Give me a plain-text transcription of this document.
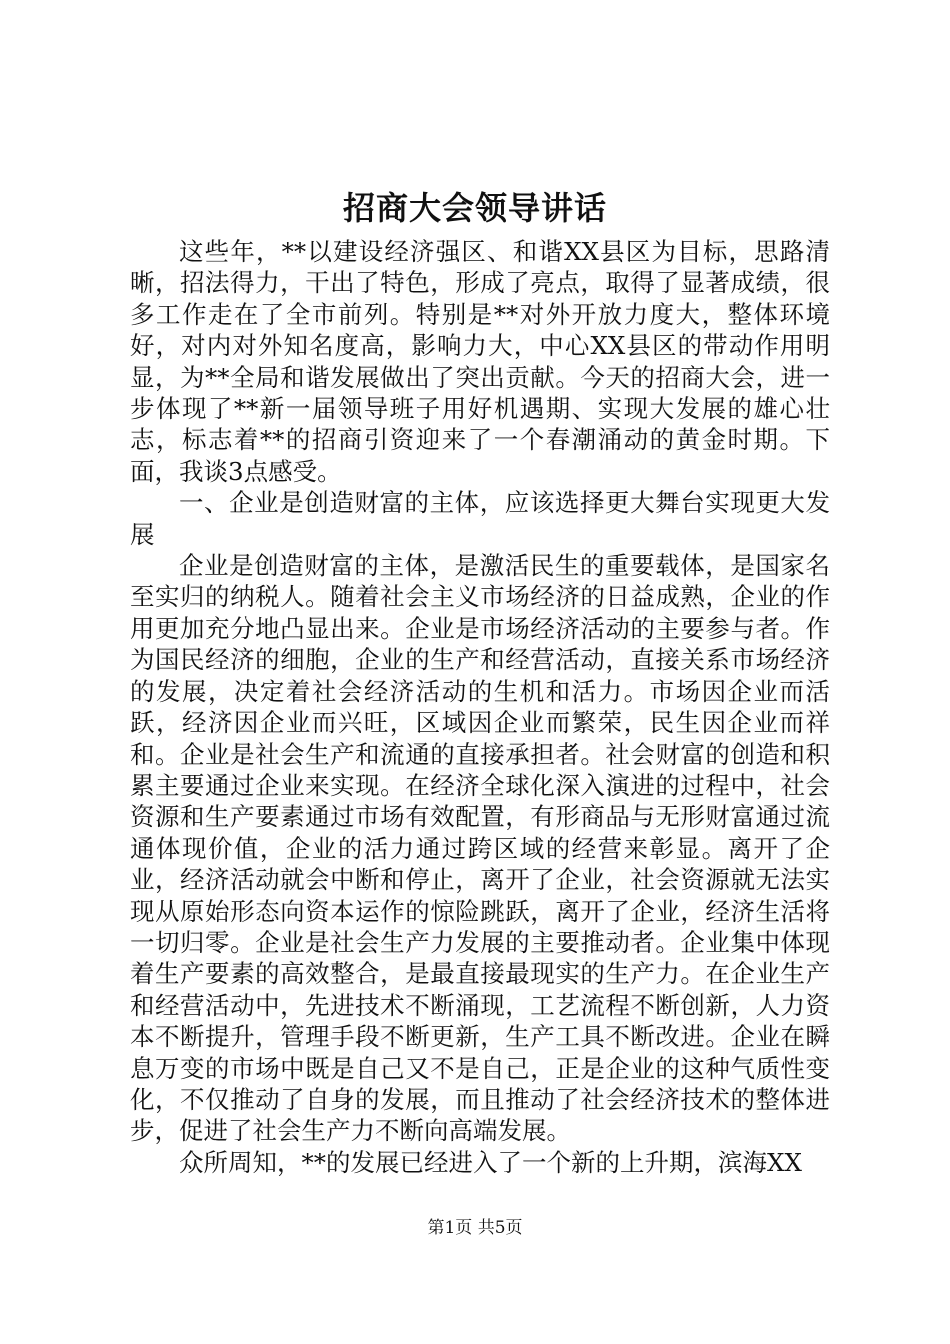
招商大会领导讲话

这些年，**以建设经济强区、和谐XX县区为目标，思路清晰，招法得力，干出了特色，形成了亮点，取得了显著成绩，很多工作走在了全市前列。特别是**对外开放力度大，整体环境好，对内对外知名度高，影响力大，中心XX县区的带动作用明显，为**全局和谐发展做出了突出贡献。今天的招商大会，进一步体现了**新一届领导班子用好机遇期、实现大发展的雄心壮志，标志着**的招商引资迎来了一个春潮涌动的黄金时期。下面，我谈3点感受。

一、企业是创造财富的主体，应该选择更大舞台实现更大发展

企业是创造财富的主体，是激活民生的重要载体，是国家名至实归的纳税人。随着社会主义市场经济的日益成熟，企业的作用更加充分地凸显出来。企业是市场经济活动的主要参与者。作为国民经济的细胞，企业的生产和经营活动，直接关系市场经济的发展，决定着社会经济活动的生机和活力。市场因企业而活跃，经济因企业而兴旺，区域因企业而繁荣，民生因企业而祥和。企业是社会生产和流通的直接承担者。社会财富的创造和积累主要通过企业来实现。在经济全球化深入演进的过程中，社会资源和生产要素通过市场有效配置，有形商品与无形财富通过流通体现价值，企业的活力通过跨区域的经营来彰显。离开了企业，经济活动就会中断和停止，离开了企业，社会资源就无法实现从原始形态向资本运作的惊险跳跃，离开了企业，经济生活将一切归零。企业是社会生产力发展的主要推动者。企业集中体现着生产要素的高效整合，是最直接最现实的生产力。在企业生产和经营活动中，先进技术不断涌现，工艺流程不断创新，人力资本不断提升，管理手段不断更新，生产工具不断改进。企业在瞬息万变的市场中既是自己又不是自己，正是企业的这种气质性变化，不仅推动了自身的发展，而且推动了社会经济技术的整体进步，促进了社会生产力不断向高端发展。

众所周知，**的发展已经进入了一个新的上升期，滨海XX

第1页 共5页
